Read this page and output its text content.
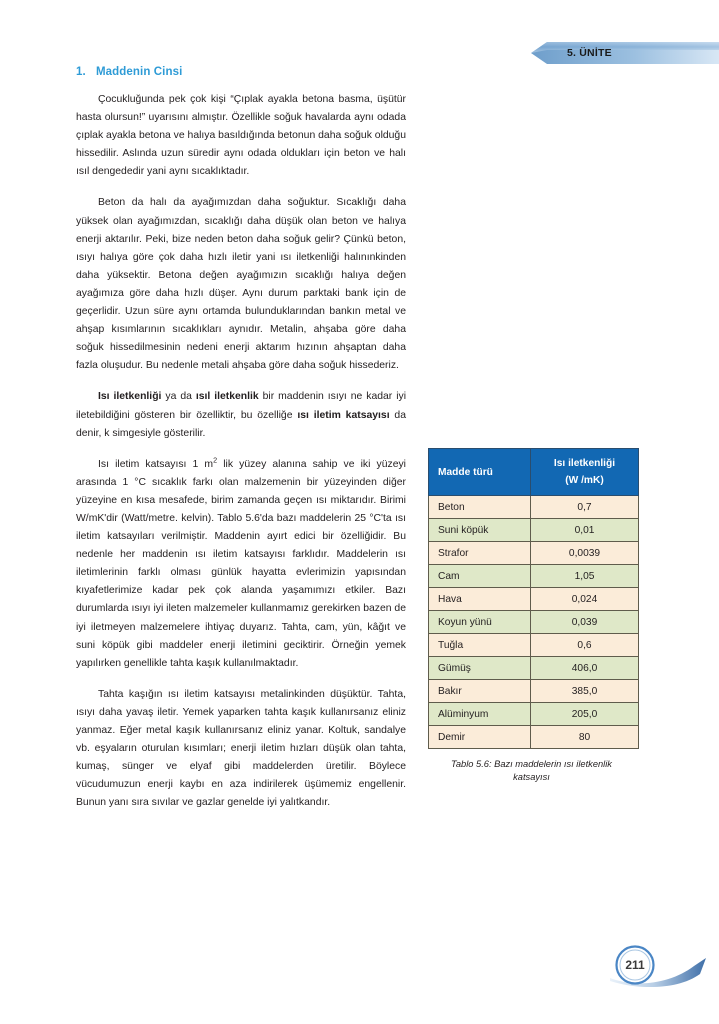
5. ÜNİTE
1. Maddenin Cinsi

Çocukluğunda pek çok kişi “Çıplak ayakla betona basma, üşütür hasta olursun!” uyarısını almıştır. Özellikle soğuk havalarda aynı odada çıplak ayakla betona ve halıya basıldığında betonun daha soğuk olduğu hissedilir. Aslında uzun süredir aynı odada oldukları için beton ve halı ısıl dengededir yani aynı sıcaklıktadır.

Beton da halı da ayağımızdan daha soğuktur. Sıcaklığı daha yüksek olan ayağımızdan, sıcaklığı daha düşük olan beton ve halıya enerji aktarılır. Peki, bize neden beton daha soğuk gelir? Çünkü beton, ısıyı halıya göre çok daha hızlı iletir yani ısı iletkenliği halınınkinden daha yüksektir. Betona değen ayağımızın sıcaklığı halıya değen ayağımıza göre daha hızlı düşer. Aynı durum parktaki bank için de geçerlidir. Uzun süre aynı ortamda bulunduklarından bankın metal ve ahşap kısımlarının sıcaklıkları aynıdır. Metalin, ahşaba göre daha soğuk hissedilmesinin nedeni enerji aktarım hızının ahşaptan daha fazla oluşudur. Bu nedenle metali ahşaba göre daha soğuk hissederiz.

Isı iletkenliği ya da ısıl iletkenlik bir maddenin ısıyı ne kadar iyi iletebildiğini gösteren bir özelliktir, bu özelliğe ısı iletim katsayısı da denir, k simgesiyle gösterilir.

Isı iletim katsayısı 1 $m^2$ lik yüzey alanına sahip ve iki yüzeyi arasında 1 °C sıcaklık farkı olan malzemenin bir yüzeyinden diğer yüzeyine en kısa mesafede, birim zamanda geçen ısı miktarıdır. Birimi W/mK'dir (Watt/metre. kelvin). Tablo 5.6'da bazı maddelerin 25 °C'ta ısı iletim katsayıları verilmiştir. Maddenin ayırt edici bir özelliğidir. Bu nedenle her maddenin ısı iletim katsayısı farklıdır. Maddelerin ısı iletimlerinin farklı olması günlük hayatta evlerimizin yapısından kıyafetlerimize kadar pek çok alanda yaşamımızı etkiler. Bazı durumlarda ısıyı iyi ileten malzemeler kullanmamız gerekirken bazen de iyi iletmeyen malzemelere ihtiyaç duyarız. Tahta, cam, yün, kâğıt ve suni köpük gibi maddeler enerji iletimini geciktirir. Örneğin yemek yapılırken genellikle tahta kaşık kullanılmaktadır.

Tahta kaşığın ısı iletim katsayısı metalinkinden düşüktür. Tahta, ısıyı daha yavaş iletir. Yemek yaparken tahta kaşık kullanırsanız eliniz yanmaz. Eğer metal kaşık kullanırsanız eliniz yanar. Koltuk, sandalye vb. eşyaların oturulan kısımları; enerji iletim hızları düşük olan tahta, kumaş, sünger ve elyaf gibi maddelerden üretilir. Böylece vücudumuzun enerji kaybı en aza indirilerek üşümemiz engellenir. Bunun yanı sıra sıvılar ve gazlar genelde iyi yalıtkandır.

Madde türü	Isı iletkenliği
(W /mK)
Beton	0,7
Suni köpük	0,01
Strafor	0,0039
Cam	1,05
Hava	0,024
Koyun yünü	0,039
Tuğla	0,6
Gümüş	406,0
Bakır	385,0
Alüminyum	205,0
Demir	80
Tablo 5.6: Bazı maddelerin ısı iletkenlik
katsayısı
211
